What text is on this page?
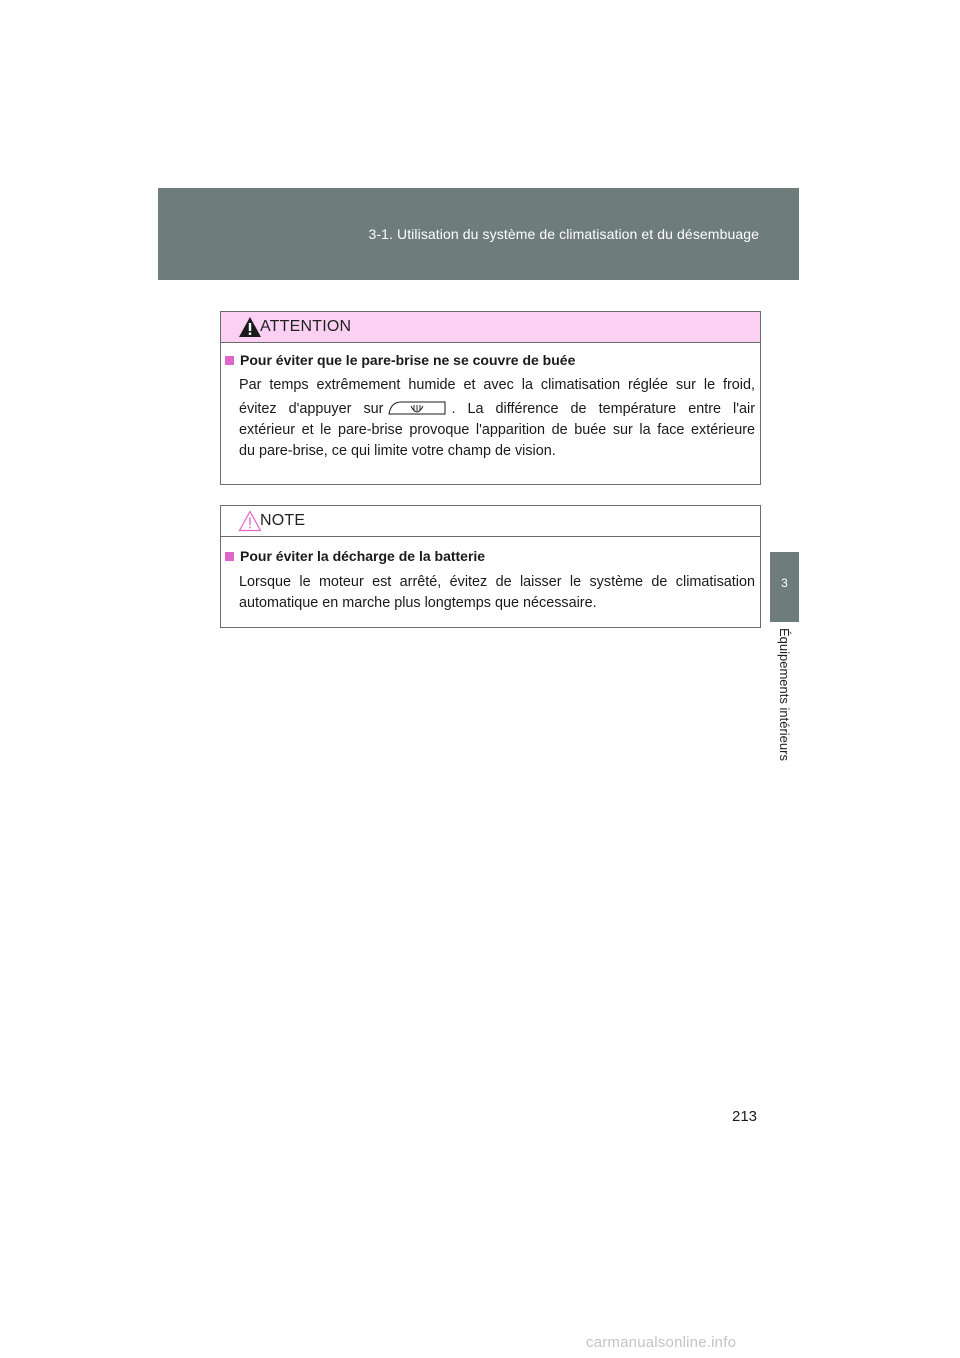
3-1. Utilisation du système de climatisation et du désembuage
3
Équipements intérieurs
ATTENTION
Pour éviter que le pare-brise ne se couvre de buée
Par temps extrêmement humide et avec la climatisation réglée sur le froid,
évitez d'appuyer sur	. La différence de température entre l'air
extérieur et le pare-brise provoque l'apparition de buée sur la face extérieure
du pare-brise, ce qui limite votre champ de vision.
NOTE
Pour éviter la décharge de la batterie
Lorsque le moteur est arrêté, évitez de laisser le système de climatisation
automatique en marche plus longtemps que nécessaire.
213
carmanualsonline.info
